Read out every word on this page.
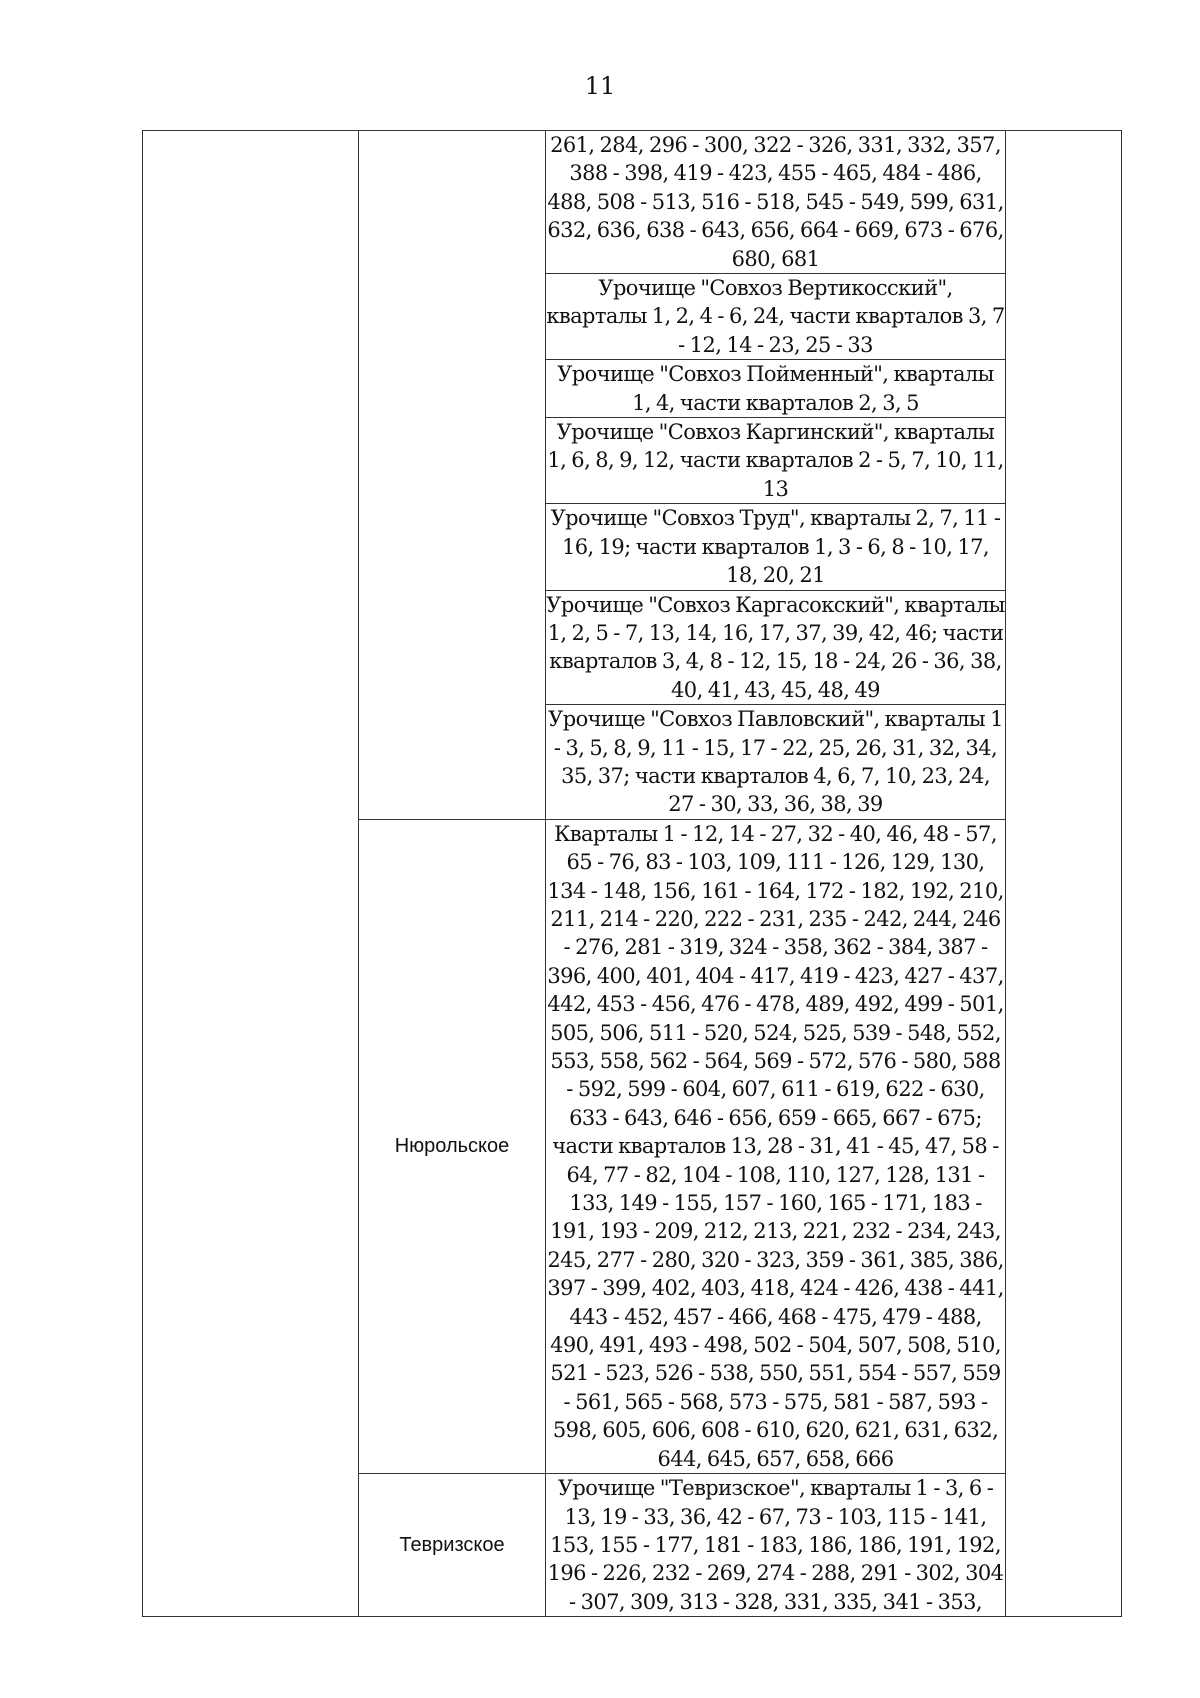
11
		261, 284, 296 - 300, 322 - 326, 331, 332, 357, 388 - 398, 419 - 423, 455 - 465, 484 - 486, 488, 508 - 513, 516 - 518, 545 - 549, 599, 631, 632, 636, 638 - 643, 656, 664 - 669, 673 - 676, 680, 681	
		Урочище "Совхоз Вертикосский", кварталы 1, 2, 4 - 6, 24, части кварталов 3, 7 - 12, 14 - 23, 25 - 33	
		Урочище "Совхоз Пойменный", кварталы 1, 4, части кварталов 2, 3, 5	
		Урочище "Совхоз Каргинский", кварталы 1, 6, 8, 9, 12, части кварталов 2 - 5, 7, 10, 11, 13	
		Урочище "Совхоз Труд", кварталы 2, 7, 11 - 16, 19; части кварталов 1, 3 - 6, 8 - 10, 17, 18, 20, 21	
		Урочище "Совхоз Каргасокский", кварталы 1, 2, 5 - 7, 13, 14, 16, 17, 37, 39, 42, 46; части кварталов 3, 4, 8 - 12, 15, 18 - 24, 26 - 36, 38, 40, 41, 43, 45, 48, 49	
		Урочище "Совхоз Павловский", кварталы 1 - 3, 5, 8, 9, 11 - 15, 17 - 22, 25, 26, 31, 32, 34, 35, 37; части кварталов 4, 6, 7, 10, 23, 24, 27 - 30, 33, 36, 38, 39	
	Нюрольское	Кварталы 1 - 12, 14 - 27, 32 - 40, 46, 48 - 57, 65 - 76, 83 - 103, 109, 111 - 126, 129, 130, 134 - 148, 156, 161 - 164, 172 - 182, 192, 210, 211, 214 - 220, 222 - 231, 235 - 242, 244, 246 - 276, 281 - 319, 324 - 358, 362 - 384, 387 - 396, 400, 401, 404 - 417, 419 - 423, 427 - 437, 442, 453 - 456, 476 - 478, 489, 492, 499 - 501, 505, 506, 511 - 520, 524, 525, 539 - 548, 552, 553, 558, 562 - 564, 569 - 572, 576 - 580, 588 - 592, 599 - 604, 607, 611 - 619, 622 - 630, 633 - 643, 646 - 656, 659 - 665, 667 - 675; части кварталов 13, 28 - 31, 41 - 45, 47, 58 - 64, 77 - 82, 104 - 108, 110, 127, 128, 131 - 133, 149 - 155, 157 - 160, 165 - 171, 183 - 191, 193 - 209, 212, 213, 221, 232 - 234, 243, 245, 277 - 280, 320 - 323, 359 - 361, 385, 386, 397 - 399, 402, 403, 418, 424 - 426, 438 - 441, 443 - 452, 457 - 466, 468 - 475, 479 - 488, 490, 491, 493 - 498, 502 - 504, 507, 508, 510, 521 - 523, 526 - 538, 550, 551, 554 - 557, 559 - 561, 565 - 568, 573 - 575, 581 - 587, 593 - 598, 605, 606, 608 - 610, 620, 621, 631, 632, 644, 645, 657, 658, 666	
	Тевризское	Урочище "Тевризское", кварталы 1 - 3, 6 - 13, 19 - 33, 36, 42 - 67, 73 - 103, 115 - 141, 153, 155 - 177, 181 - 183, 186, 186, 191, 192, 196 - 226, 232 - 269, 274 - 288, 291 - 302, 304 - 307, 309, 313 - 328, 331, 335, 341 - 353,	
